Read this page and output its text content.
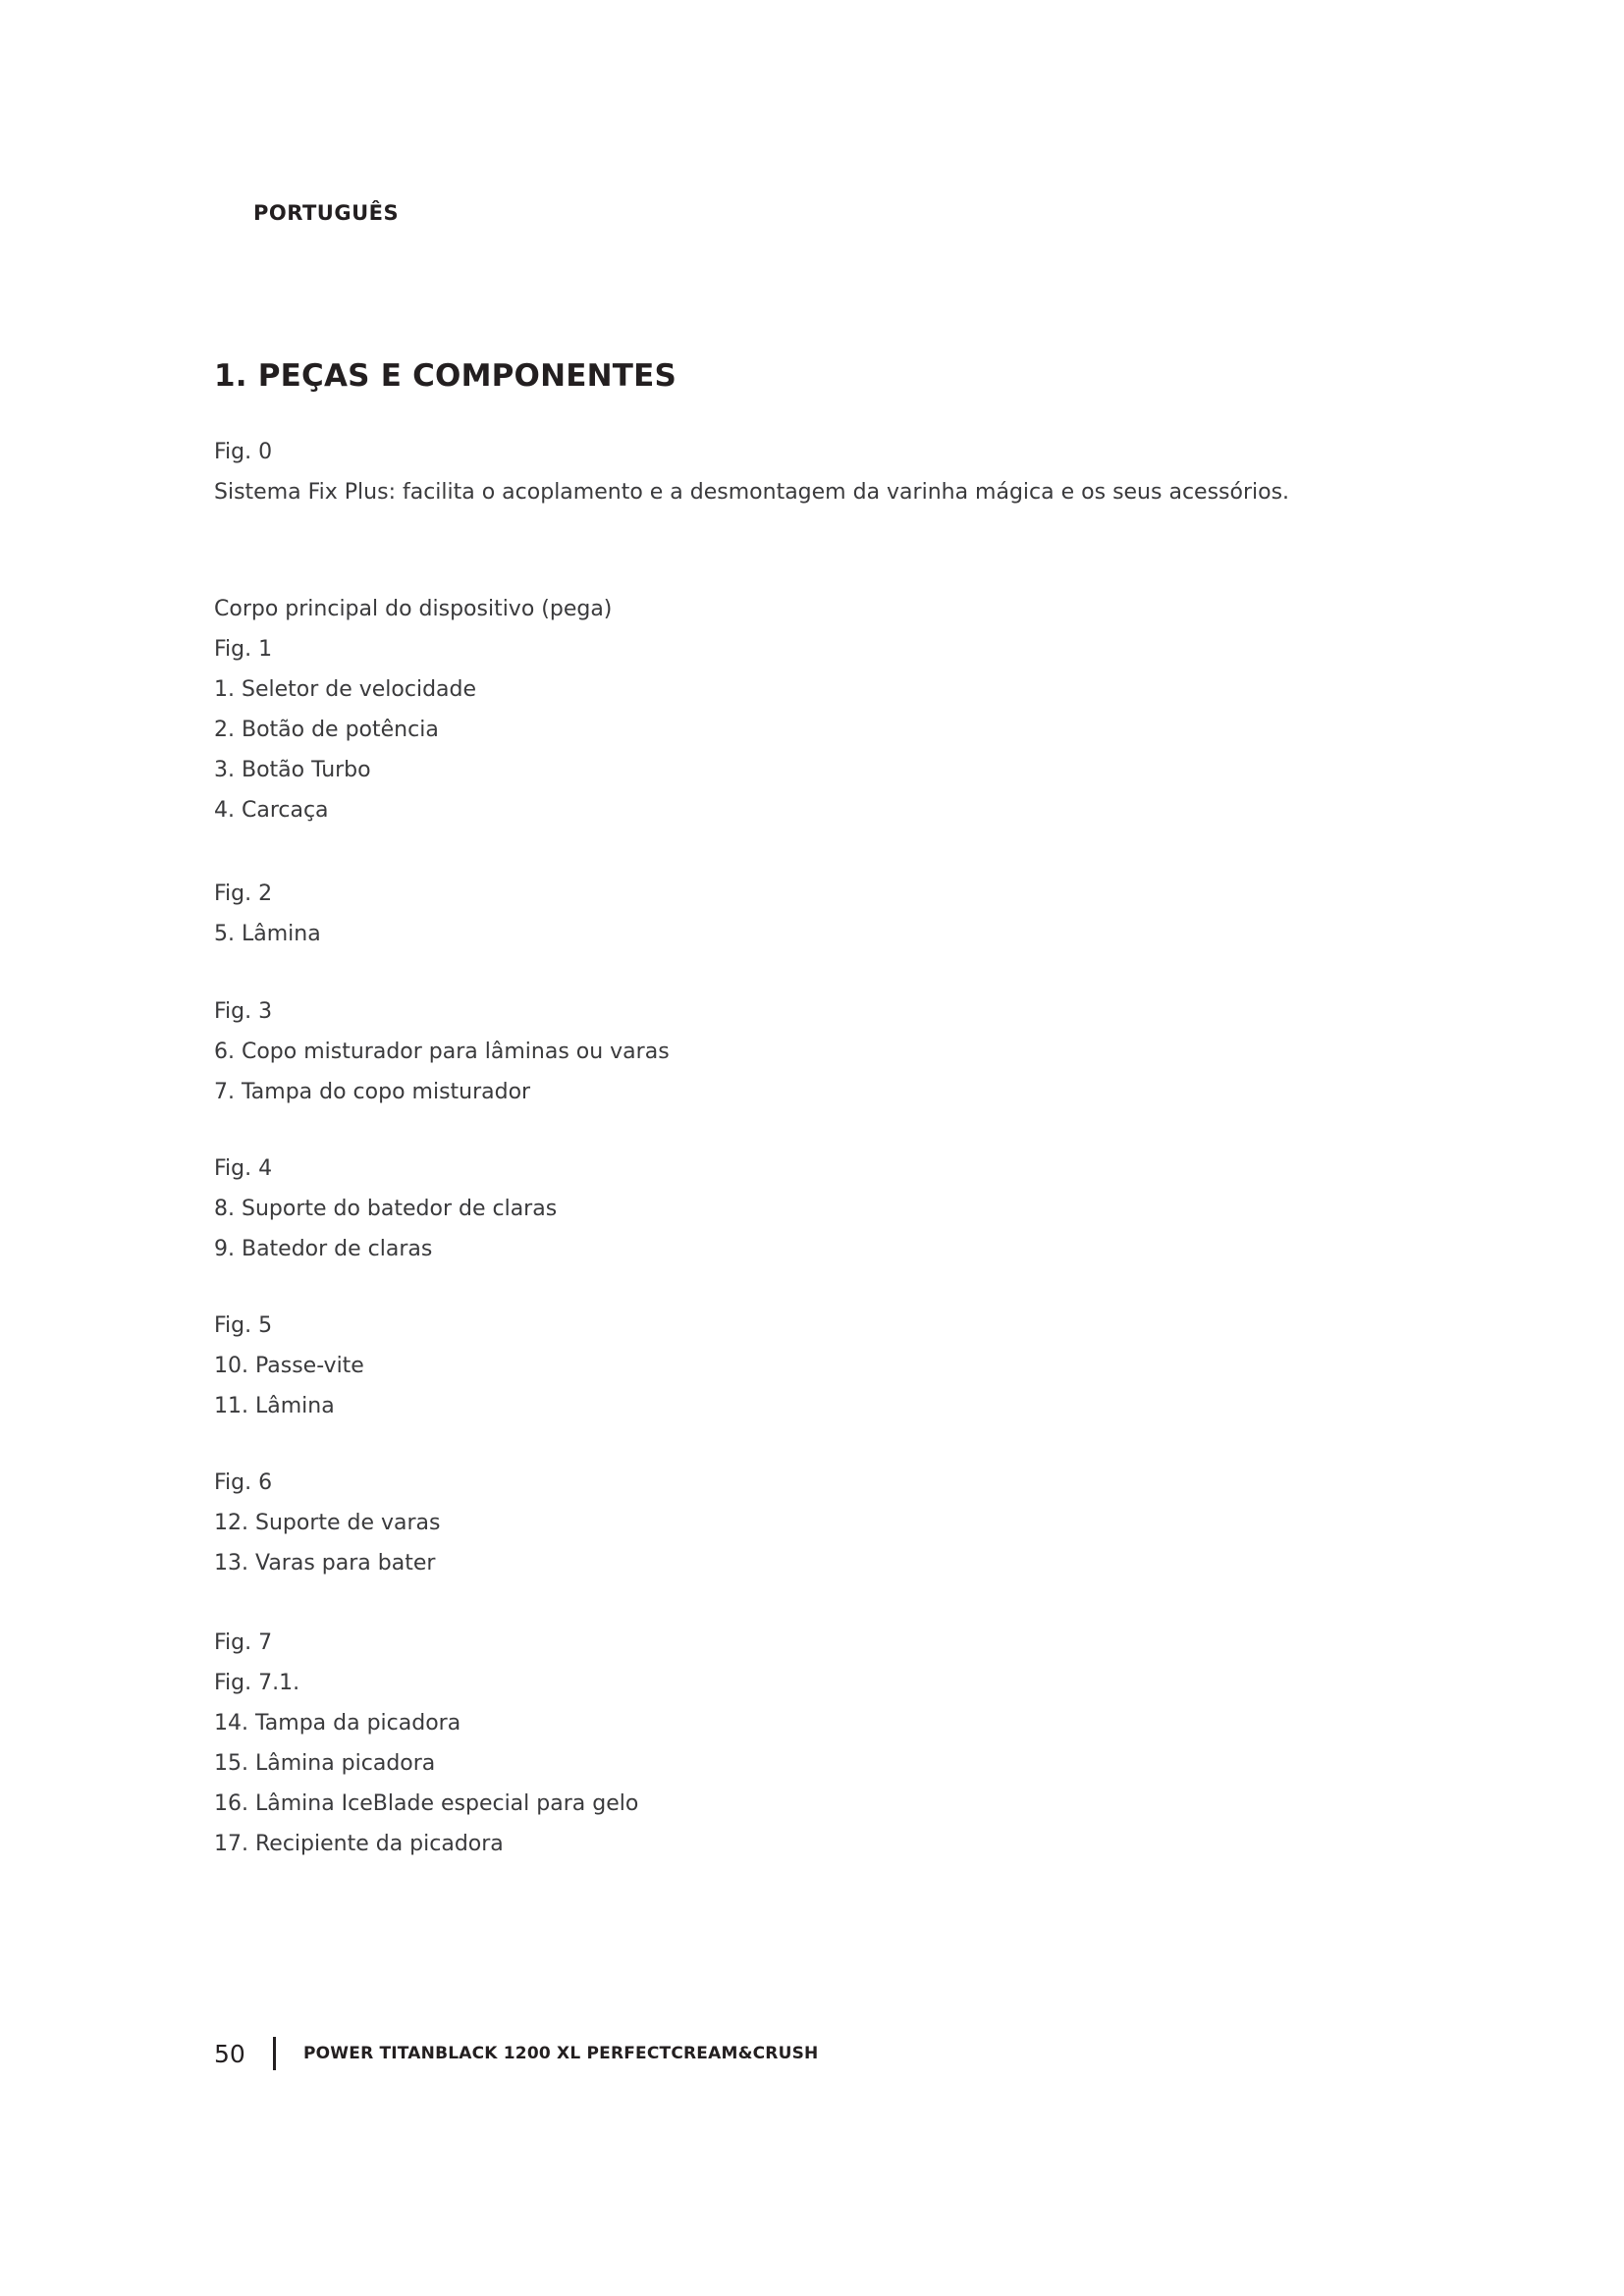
PORTUGUÊS
1. PEÇAS E COMPONENTES
Fig. 0
Sistema Fix Plus: facilita o acoplamento e a desmontagem da varinha mágica e os seus acessórios.
Corpo principal do dispositivo (pega)
Fig. 1
1. Seletor de velocidade
2. Botão de potência
3. Botão Turbo
4. Carcaça
Fig. 2
5. Lâmina
Fig. 3
6. Copo misturador para lâminas ou varas
7. Tampa do copo misturador
Fig. 4
8. Suporte do batedor de claras
9. Batedor de claras
Fig. 5
10. Passe-vite
11. Lâmina
Fig. 6
12. Suporte de varas
13. Varas para bater
Fig. 7
Fig. 7.1.
14. Tampa da picadora
15. Lâmina picadora
16. Lâmina IceBlade especial para gelo
17. Recipiente da picadora
50	POWER TITANBLACK 1200 XL PERFECTCREAM&CRUSH
